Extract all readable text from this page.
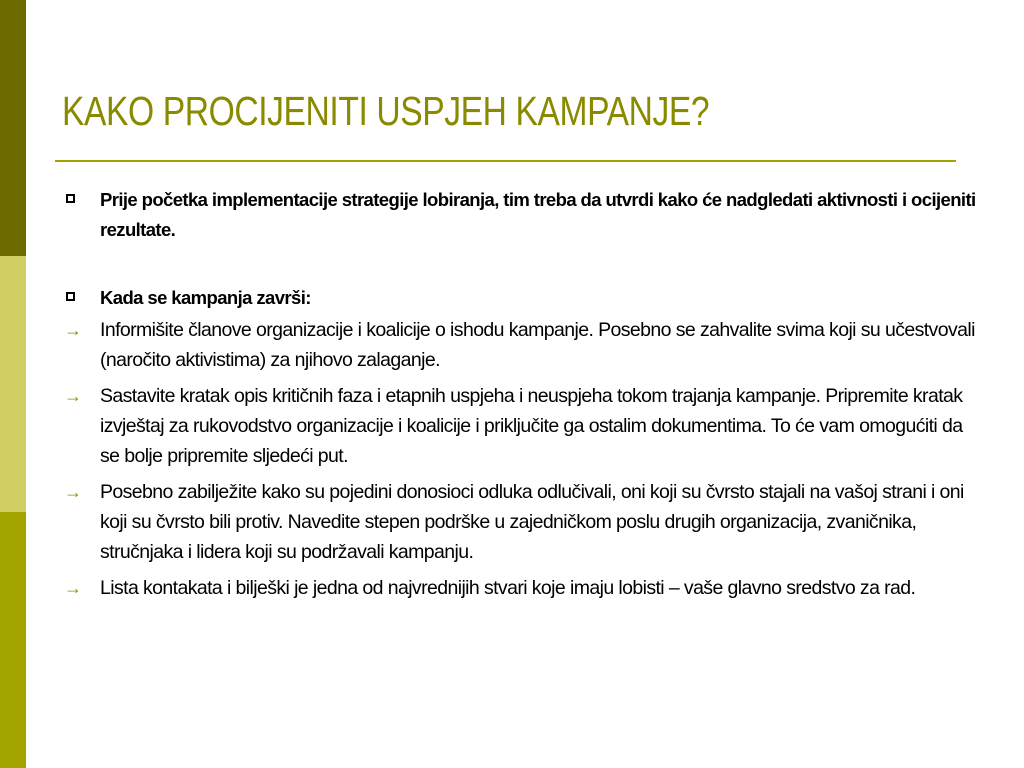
KAKO PROCIJENITI USPJEH KAMPANJE?
Prije početka implementacije strategije lobiranja, tim treba da utvrdi kako će nadgledati aktivnosti i ocijeniti rezultate.
Kada se kampanja završi:
→ Informišite članove organizacije i koalicije o ishodu kampanje. Posebno se zahvalite svima koji su učestvovali (naročito aktivistima) za njihovo zalaganje.
→ Sastavite kratak opis kritičnih faza i etapnih uspjeha i neuspjeha tokom trajanja kampanje. Pripremite kratak izvještaj za rukovodstvo organizacije i koalicije i priključite ga ostalim dokumentima. To će vam omogućiti da se bolje pripremite sljedeći put.
→ Posebno zabilježite kako su pojedini donosioci odluka odlučivali, oni koji su čvrsto stajali na vašoj strani i oni koji su čvrsto bili protiv. Navedite stepen podrške u zajedničkom poslu drugih organizacija, zvaničnika, stručnjaka i lidera koji su podržavali kampanju.
→ Lista kontakata i bilješki je jedna od najvrednijih stvari koje imaju lobisti – vaše glavno sredstvo za rad.
